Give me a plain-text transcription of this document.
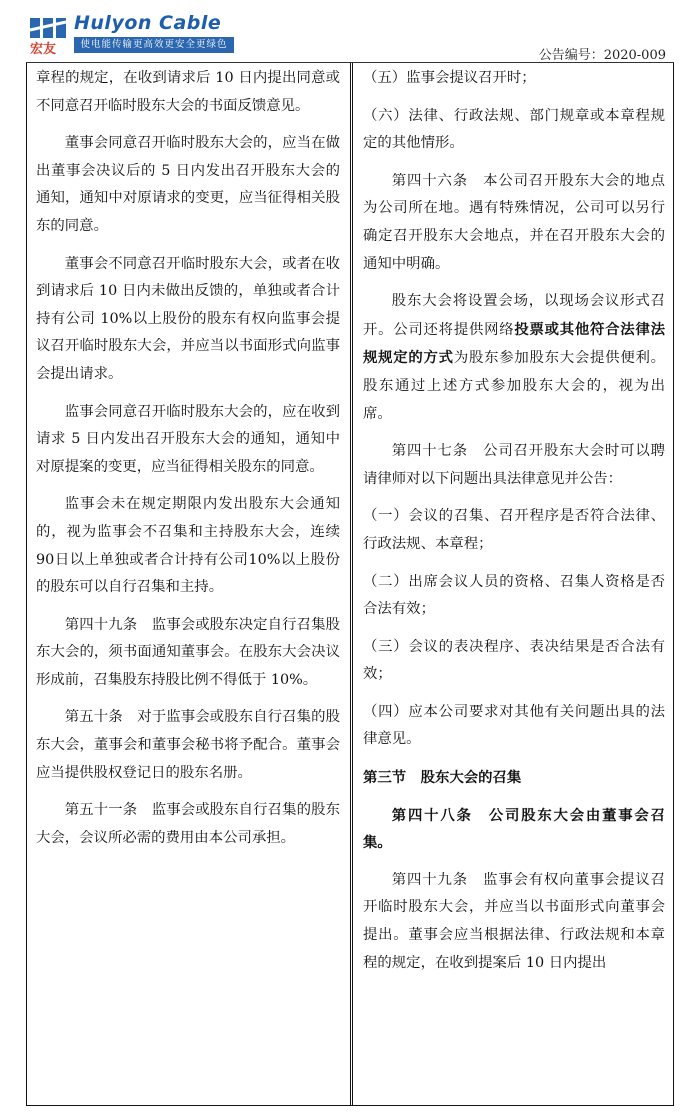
宏友
Hulyon Cable
使电能传输更高效更安全更绿色
公告编号：2020-009

章程的规定，在收到请求后 10 日内提出同意或不同意召开临时股东大会的书面反馈意见。

董事会同意召开临时股东大会的，应当在做出董事会决议后的 5 日内发出召开股东大会的通知，通知中对原请求的变更，应当征得相关股东的同意。

董事会不同意召开临时股东大会，或者在收到请求后 10 日内未做出反馈的，单独或者合计持有公司 10%以上股份的股东有权向监事会提议召开临时股东大会，并应当以书面形式向监事会提出请求。

监事会同意召开临时股东大会的，应在收到请求 5 日内发出召开股东大会的通知，通知中对原提案的变更，应当征得相关股东的同意。

监事会未在规定期限内发出股东大会通知的，视为监事会不召集和主持股东大会，连续90日以上单独或者合计持有公司10%以上股份的股东可以自行召集和主持。

第四十九条　监事会或股东决定自行召集股东大会的，须书面通知董事会。在股东大会决议形成前，召集股东持股比例不得低于 10%。

第五十条　对于监事会或股东自行召集的股东大会，董事会和董事会秘书将予配合。董事会应当提供股权登记日的股东名册。

第五十一条　监事会或股东自行召集的股东大会，会议所必需的费用由本公司承担。

（五）监事会提议召开时；

（六）法律、行政法规、部门规章或本章程规定的其他情形。

第四十六条　本公司召开股东大会的地点为公司所在地。遇有特殊情况，公司可以另行确定召开股东大会地点，并在召开股东大会的通知中明确。

股东大会将设置会场，以现场会议形式召开。公司还将提供网络投票或其他符合法律法规规定的方式为股东参加股东大会提供便利。股东通过上述方式参加股东大会的，视为出席。

第四十七条　公司召开股东大会时可以聘请律师对以下问题出具法律意见并公告：

（一）会议的召集、召开程序是否符合法律、行政法规、本章程；

（二）出席会议人员的资格、召集人资格是否合法有效；

（三）会议的表决程序、表决结果是否合法有效；

（四）应本公司要求对其他有关问题出具的法律意见。

第三节　股东大会的召集

第四十八条　公司股东大会由董事会召集。

第四十九条　监事会有权向董事会提议召开临时股东大会，并应当以书面形式向董事会提出。董事会应当根据法律、行政法规和本章程的规定，在收到提案后 10 日内提出
